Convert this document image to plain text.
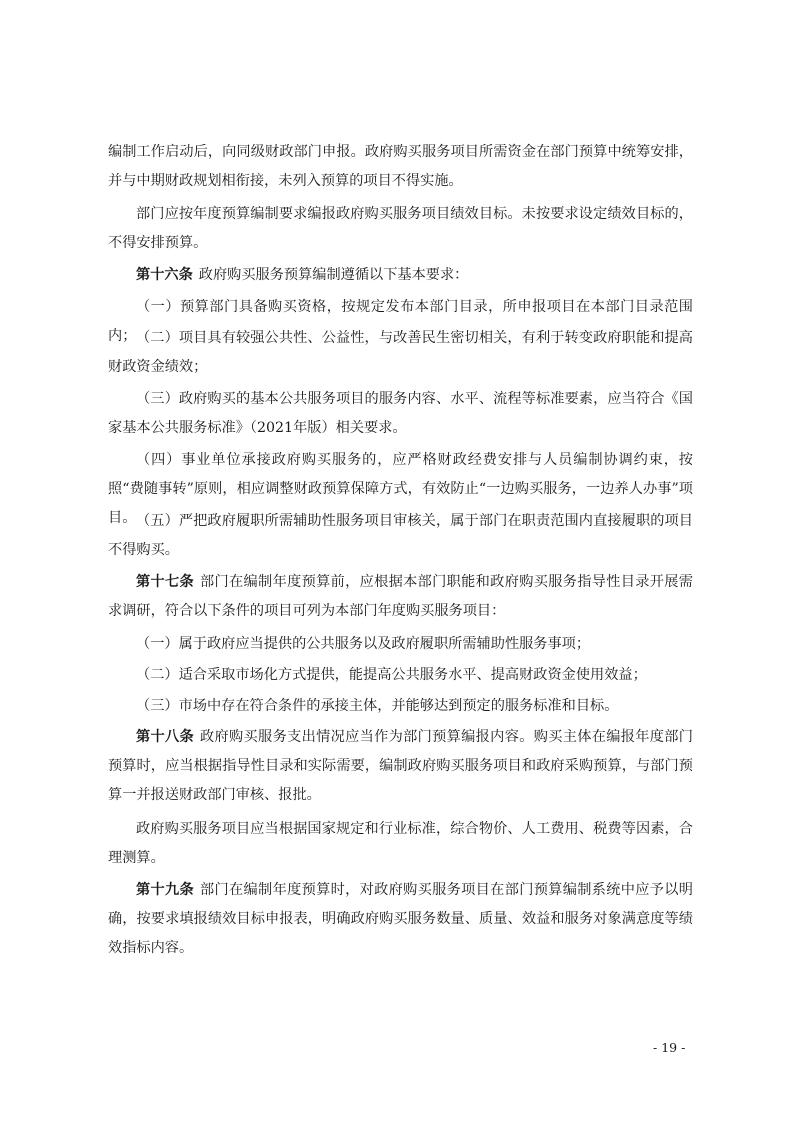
编制工作启动后，向同级财政部门申报。政府购买服务项目所需资金在部门预算中统筹安排，并与中期财政规划相衔接，未列入预算的项目不得实施。

部门应按年度预算编制要求编报政府购买服务项目绩效目标。未按要求设定绩效目标的，不得安排预算。

第十六条 政府购买服务预算编制遵循以下基本要求：

（一）预算部门具备购买资格，按规定发布本部门目录，所申报项目在本部门目录范围内； （二）项目具有较强公共性、公益性，与改善民生密切相关，有利于转变政府职能和提高财政资金绩效；

（三）政府购买的基本公共服务项目的服务内容、水平、流程等标准要素，应当符合《国家基本公共服务标准》（2021年版）相关要求。

（四）事业单位承接政府购买服务的，应严格财政经费安排与人员编制协调约束，按照“费随事转”原则，相应调整财政预算保障方式，有效防止“一边购买服务，一边养人办事”项目。 （五）严把政府履职所需辅助性服务项目审核关，属于部门在职责范围内直接履职的项目不得购买。

第十七条 部门在编制年度预算前，应根据本部门职能和政府购买服务指导性目录开展需求调研，符合以下条件的项目可列为本部门年度购买服务项目：

（一）属于政府应当提供的公共服务以及政府履职所需辅助性服务事项；

（二）适合采取市场化方式提供，能提高公共服务水平、提高财政资金使用效益；

（三）市场中存在符合条件的承接主体，并能够达到预定的服务标准和目标。

第十八条 政府购买服务支出情况应当作为部门预算编报内容。购买主体在编报年度部门预算时，应当根据指导性目录和实际需要，编制政府购买服务项目和政府采购预算，与部门预算一并报送财政部门审核、报批。

政府购买服务项目应当根据国家规定和行业标准，综合物价、人工费用、税费等因素，合理测算。

第十九条 部门在编制年度预算时，对政府购买服务项目在部门预算编制系统中应予以明确，按要求填报绩效目标申报表，明确政府购买服务数量、质量、效益和服务对象满意度等绩效指标内容。

- 19 -
